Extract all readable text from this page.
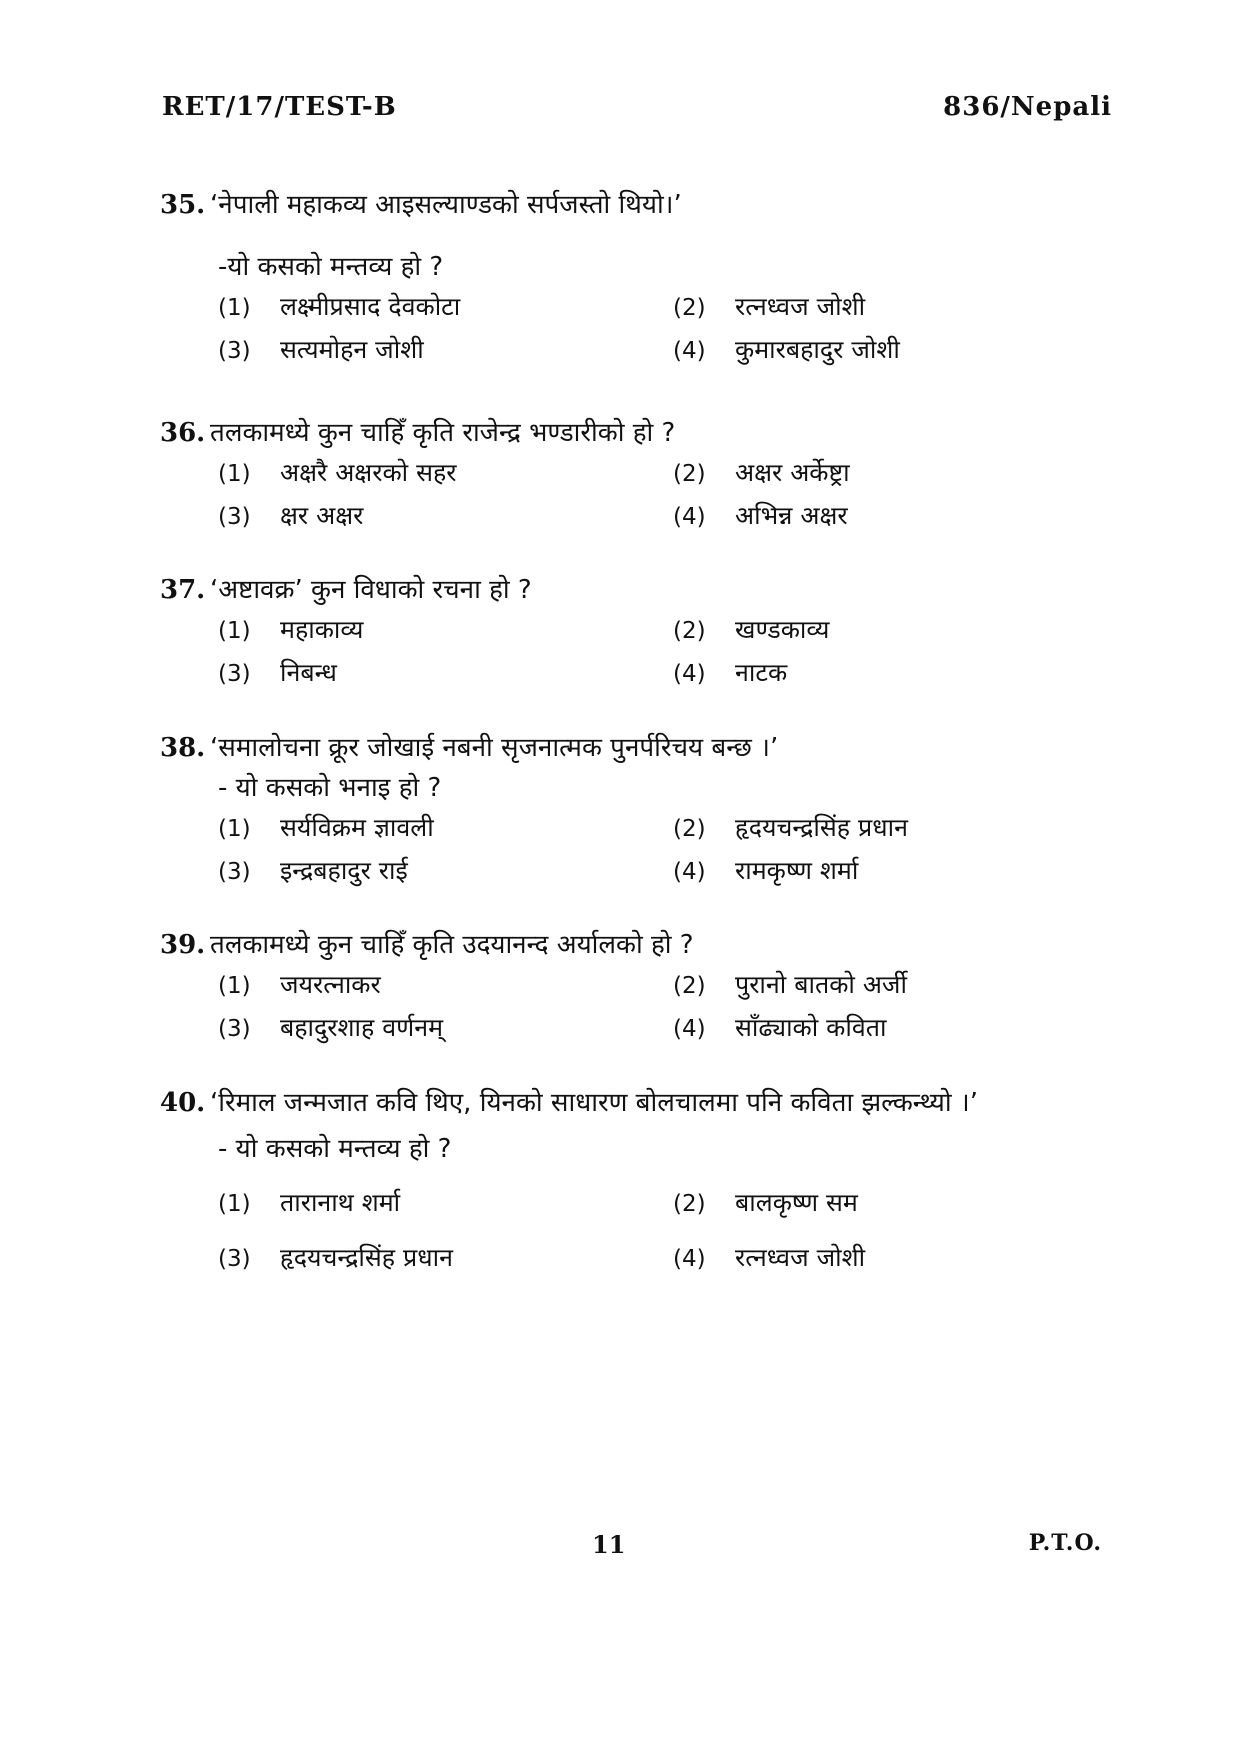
RET/17/TEST-B	836/Nepali
35. ‘नेपाली महाकव्य आइसल्याण्डको सर्पजस्तो थियो।’
-यो कसको मन्तव्य हो ?
(1) लक्ष्मीप्रसाद देवकोटा	(2) रत्नध्वज जोशी
(3) सत्यमोहन जोशी	(4) कुमारबहादुर जोशी
36. तलकामध्ये कुन चाहिँ कृति राजेन्द्र भण्डारीको हो ?
(1) अक्षरै अक्षरको सहर	(2) अक्षर अर्केष्ट्रा
(3) क्षर अक्षर	(4) अभिन्न अक्षर
37. ‘अष्टावक्र’ कुन विधाको रचना हो ?
(1) महाकाव्य	(2) खण्डकाव्य
(3) निबन्ध	(4) नाटक
38. ‘समालोचना क्रूर जोखाई नबनी सृजनात्मक पुनर्परिचय बन्छ ।’
- यो कसको भनाइ हो ?
(1) सर्यविक्रम ज्ञावली	(2) हृदयचन्द्रसिंह प्रधान
(3) इन्द्रबहादुर राई	(4) रामकृष्ण शर्मा
39. तलकामध्ये कुन चाहिँ कृति उदयानन्द अर्यालको हो ?
(1) जयरत्नाकर	(2) पुरानो बातको अर्जी
(3) बहादुरशाह वर्णनम्	(4) साँढ्याको कविता
40. ‘रिमाल जन्मजात कवि थिए, यिनको साधारण बोलचालमा पनि कविता झल्कन्थ्यो ।’
- यो कसको मन्तव्य हो ?
(1) तारानाथ शर्मा	(2) बालकृष्ण सम
(3) हृदयचन्द्रसिंह प्रधान	(4) रत्नध्वज जोशी
11	P.T.O.
